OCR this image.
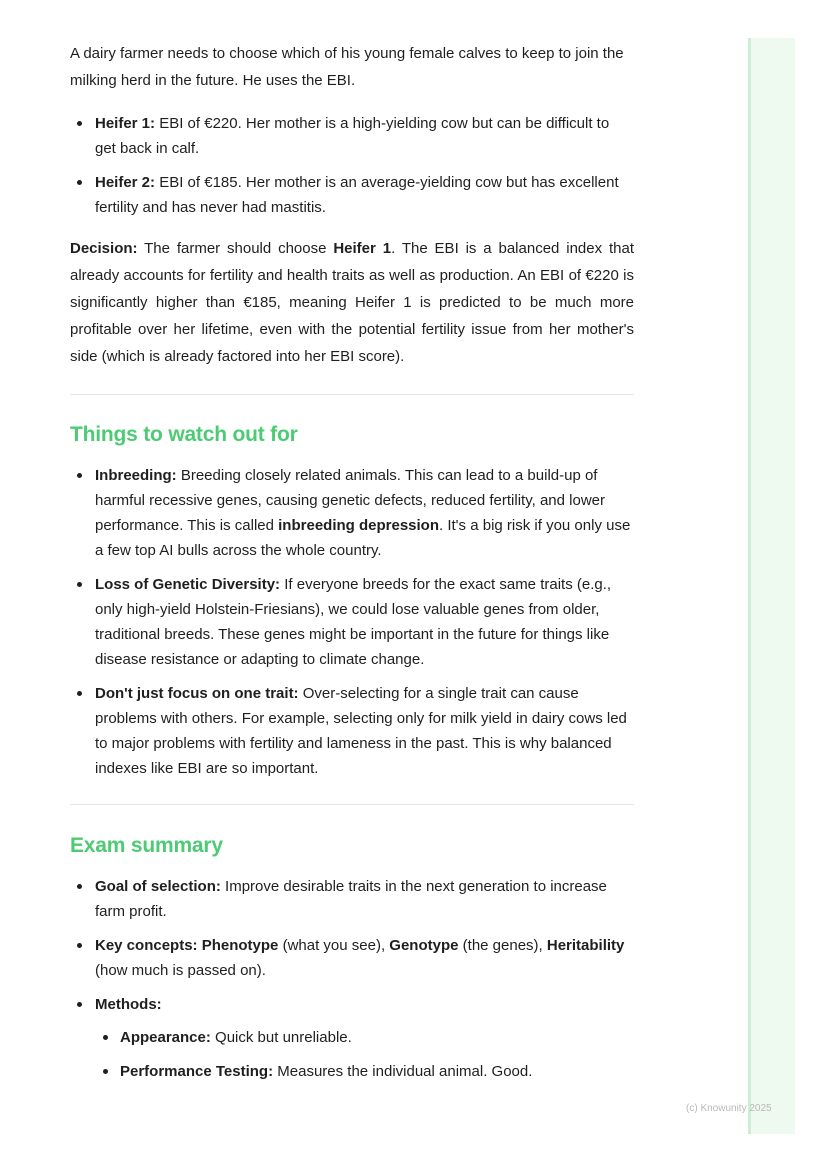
A dairy farmer needs to choose which of his young female calves to keep to join the milking herd in the future. He uses the EBI.

Heifer 1: EBI of €220. Her mother is a high-yielding cow but can be difficult to get back in calf.
Heifer 2: EBI of €185. Her mother is an average-yielding cow but has excellent fertility and has never had mastitis.

Decision: The farmer should choose Heifer 1. The EBI is a balanced index that already accounts for fertility and health traits as well as production. An EBI of €220 is significantly higher than €185, meaning Heifer 1 is predicted to be much more profitable over her lifetime, even with the potential fertility issue from her mother's side (which is already factored into her EBI score).

Things to watch out for
Inbreeding: Breeding closely related animals. This can lead to a build-up of harmful recessive genes, causing genetic defects, reduced fertility, and lower performance. This is called inbreeding depression. It's a big risk if you only use a few top AI bulls across the whole country.
Loss of Genetic Diversity: If everyone breeds for the exact same traits (e.g., only high-yield Holstein-Friesians), we could lose valuable genes from older, traditional breeds. These genes might be important in the future for things like disease resistance or adapting to climate change.
Don't just focus on one trait: Over-selecting for a single trait can cause problems with others. For example, selecting only for milk yield in dairy cows led to major problems with fertility and lameness in the past. This is why balanced indexes like EBI are so important.
Exam summary
Goal of selection: Improve desirable traits in the next generation to increase farm profit.
Key concepts: Phenotype (what you see), Genotype (the genes), Heritability (how much is passed on).
Methods:
Appearance: Quick but unreliable.
Performance Testing: Measures the individual animal. Good.
(c) Knowunity 2025
